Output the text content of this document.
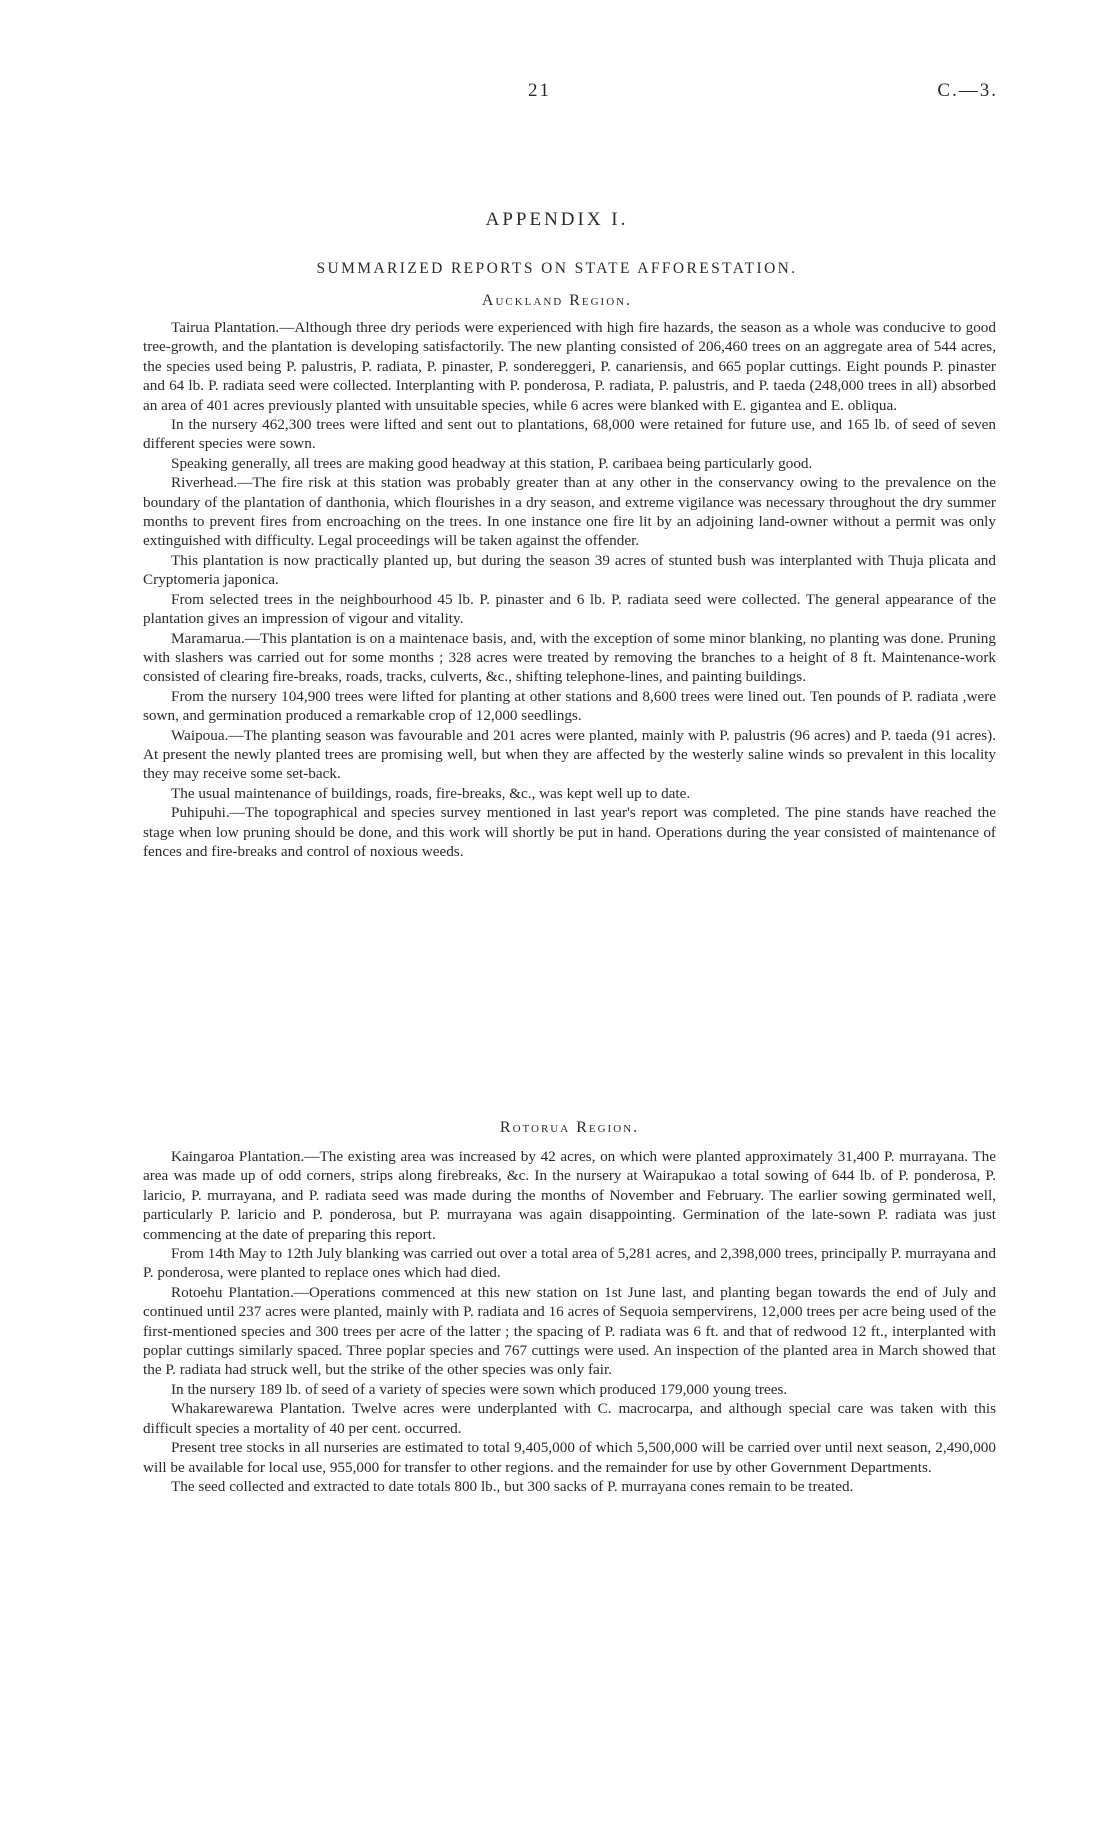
21	C.—3.
APPENDIX I.
SUMMARIZED REPORTS ON STATE AFFORESTATION.
Auckland Region.

Tairua Plantation.—Although three dry periods were experienced with high fire hazards, the season as a whole was conducive to good tree-growth, and the plantation is developing satisfactorily. The new planting consisted of 206,460 trees on an aggregate area of 544 acres, the species used being P. palustris, P. radiata, P. pinaster, P. sondereggeri, P. canariensis, and 665 poplar cuttings. Eight pounds P. pinaster and 64 lb. P. radiata seed were collected. Interplanting with P. ponderosa, P. radiata, P. palustris, and P. taeda (248,000 trees in all) absorbed an area of 401 acres previously planted with unsuitable species, while 6 acres were blanked with E. gigantea and E. obliqua.

In the nursery 462,300 trees were lifted and sent out to plantations, 68,000 were retained for future use, and 165 lb. of seed of seven different species were sown.

Speaking generally, all trees are making good headway at this station, P. caribaea being particularly good.

Riverhead.—The fire risk at this station was probably greater than at any other in the conservancy owing to the prevalence on the boundary of the plantation of danthonia, which flourishes in a dry season, and extreme vigilance was necessary throughout the dry summer months to prevent fires from encroaching on the trees. In one instance one fire lit by an adjoining land-owner without a permit was only extinguished with difficulty. Legal proceedings will be taken against the offender.

This plantation is now practically planted up, but during the season 39 acres of stunted bush was interplanted with Thuja plicata and Cryptomeria japonica.

From selected trees in the neighbourhood 45 lb. P. pinaster and 6 lb. P. radiata seed were collected. The general appearance of the plantation gives an impression of vigour and vitality.

Maramarua.—This plantation is on a maintenace basis, and, with the exception of some minor blanking, no planting was done. Pruning with slashers was carried out for some months ; 328 acres were treated by removing the branches to a height of 8 ft. Maintenance-work consisted of clearing fire-breaks, roads, tracks, culverts, &c., shifting telephone-lines, and painting buildings.

From the nursery 104,900 trees were lifted for planting at other stations and 8,600 trees were lined out. Ten pounds of P. radiata ,were sown, and germination produced a remarkable crop of 12,000 seedlings.

Waipoua.—The planting season was favourable and 201 acres were planted, mainly with P. palustris (96 acres) and P. taeda (91 acres). At present the newly planted trees are promising well, but when they are affected by the westerly saline winds so prevalent in this locality they may receive some set-back.

The usual maintenance of buildings, roads, fire-breaks, &c., was kept well up to date.

Puhipuhi.—The topographical and species survey mentioned in last year's report was completed. The pine stands have reached the stage when low pruning should be done, and this work will shortly be put in hand. Operations during the year consisted of maintenance of fences and fire-breaks and control of noxious weeds.

Rotorua Region.

Kaingaroa Plantation.—The existing area was increased by 42 acres, on which were planted approximately 31,400 P. murrayana. The area was made up of odd corners, strips along firebreaks, &c. In the nursery at Wairapukao a total sowing of 644 lb. of P. ponderosa, P. laricio, P. murrayana, and P. radiata seed was made during the months of November and February. The earlier sowing germinated well, particularly P. laricio and P. ponderosa, but P. murrayana was again disappointing. Germination of the late-sown P. radiata was just commencing at the date of preparing this report.

From 14th May to 12th July blanking was carried out over a total area of 5,281 acres, and 2,398,000 trees, principally P. murrayana and P. ponderosa, were planted to replace ones which had died.

Rotoehu Plantation.—Operations commenced at this new station on 1st June last, and planting began towards the end of July and continued until 237 acres were planted, mainly with P. radiata and 16 acres of Sequoia sempervirens, 12,000 trees per acre being used of the first-mentioned species and 300 trees per acre of the latter ; the spacing of P. radiata was 6 ft. and that of redwood 12 ft., interplanted with poplar cuttings similarly spaced. Three poplar species and 767 cuttings were used. An inspection of the planted area in March showed that the P. radiata had struck well, but the strike of the other species was only fair.

In the nursery 189 lb. of seed of a variety of species were sown which produced 179,000 young trees.

Whakarewarewa Plantation. Twelve acres were underplanted with C. macrocarpa, and although special care was taken with this difficult species a mortality of 40 per cent. occurred.

Present tree stocks in all nurseries are estimated to total 9,405,000 of which 5,500,000 will be carried over until next season, 2,490,000 will be available for local use, 955,000 for transfer to other regions. and the remainder for use by other Government Departments.

The seed collected and extracted to date totals 800 lb., but 300 sacks of P. murrayana cones remain to be treated.
